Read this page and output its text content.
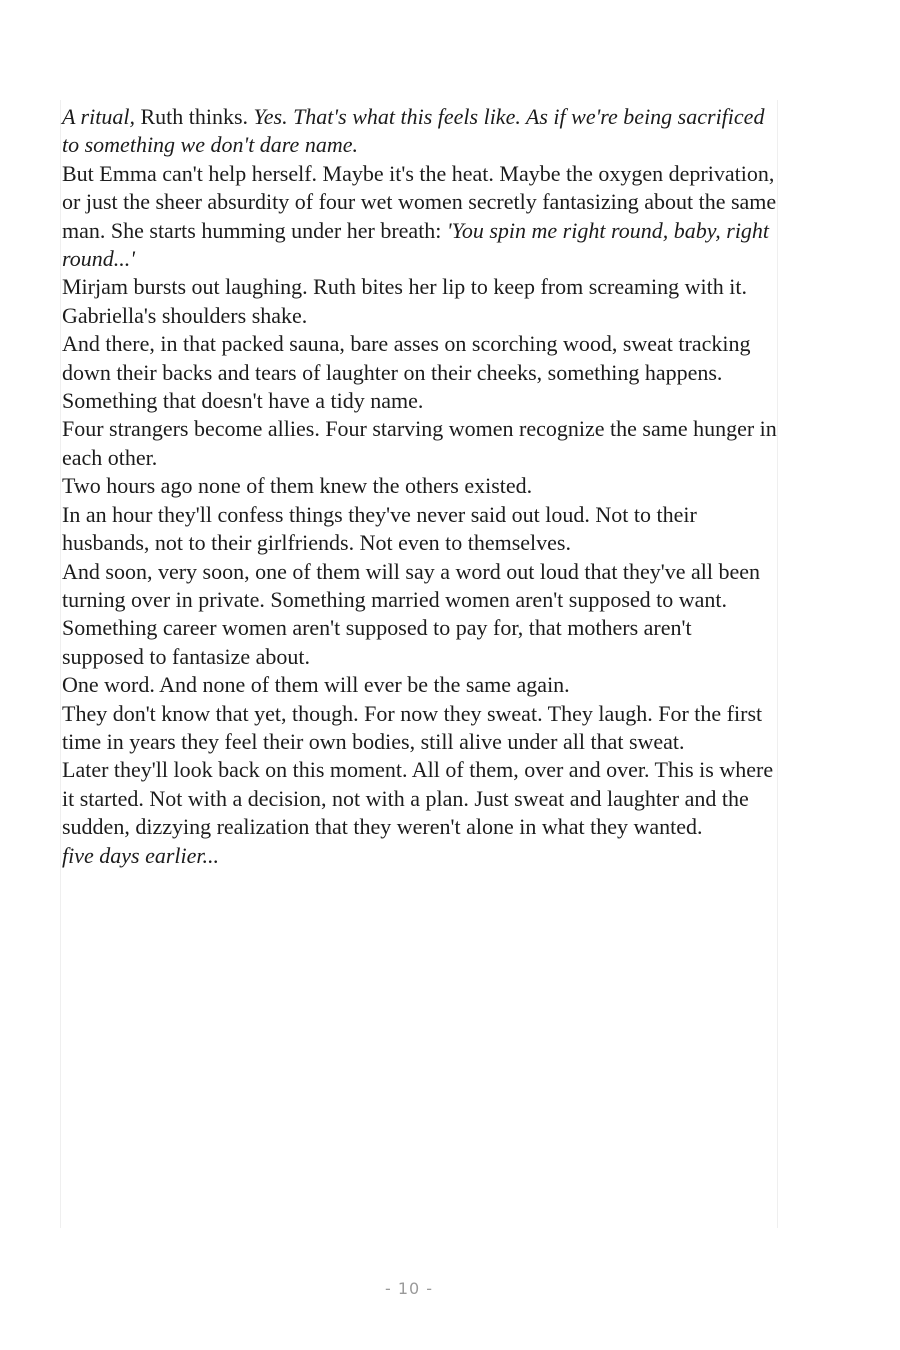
A ritual, Ruth thinks. Yes. That's what this feels like. As if we're being sacrificed to something we don't dare name.

But Emma can't help herself. Maybe it's the heat. Maybe the oxygen deprivation, or just the sheer absurdity of four wet women secretly fantasizing about the same man. She starts humming under her breath: 'You spin me right round, baby, right round...'

Mirjam bursts out laughing. Ruth bites her lip to keep from screaming with it. Gabriella's shoulders shake.

And there, in that packed sauna, bare asses on scorching wood, sweat tracking down their backs and tears of laughter on their cheeks, something happens. Something that doesn't have a tidy name.

Four strangers become allies. Four starving women recognize the same hunger in each other.

Two hours ago none of them knew the others existed.

In an hour they'll confess things they've never said out loud. Not to their husbands, not to their girlfriends. Not even to themselves.

And soon, very soon, one of them will say a word out loud that they've all been turning over in private. Something married women aren't supposed to want. Something career women aren't supposed to pay for, that mothers aren't supposed to fantasize about.

One word. And none of them will ever be the same again.

They don't know that yet, though. For now they sweat. They laugh. For the first time in years they feel their own bodies, still alive under all that sweat.

Later they'll look back on this moment. All of them, over and over. This is where it started. Not with a decision, not with a plan. Just sweat and laughter and the sudden, dizzying realization that they weren't alone in what they wanted.

five days earlier...

- 10 -
